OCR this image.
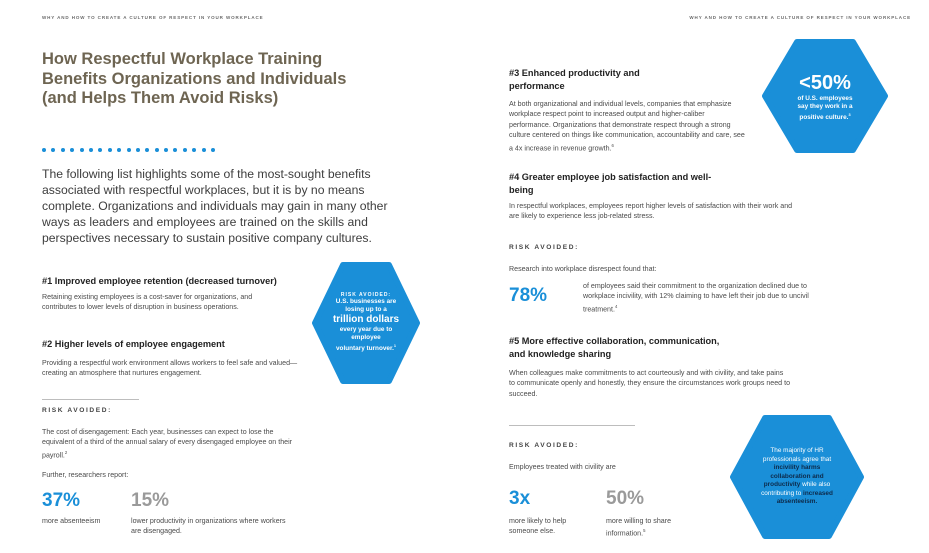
WHY AND HOW TO CREATE A CULTURE OF RESPECT IN YOUR WORKPLACE
How Respectful Workplace Training Benefits Organizations and Individuals (and Helps Them Avoid Risks)

The following list highlights some of the most-sought benefits associated with respectful workplaces, but it is by no means complete. Organizations and individuals may gain in many other ways as leaders and employees are trained on the skills and perspectives necessary to sustain positive company cultures.

#1 Improved employee retention (decreased turnover)

Retaining existing employees is a cost-saver for organizations, and contributes to lower levels of disruption in business operations.

#2 Higher levels of employee engagement

Providing a respectful work environment allows workers to feel safe and valued—creating an atmosphere that nurtures engagement.

RISK AVOIDED:
U.S. businesses are
losing up to a
trillion dollars
every year due to
employee
voluntary turnover.$^1$
RISK AVOIDED:

The cost of disengagement: Each year, businesses can expect to lose the equivalent of a third of the annual salary of every disengaged employee on their payroll.$^2$

Further, researchers report:

37%

more absenteeism

15%

lower productivity in organizations where workers are disengaged.

WHY AND HOW TO CREATE A CULTURE OF RESPECT IN YOUR WORKPLACE
#3 Enhanced productivity and performance

At both organizational and individual levels, companies that emphasize workplace respect point to increased output and higher-caliber performance. Organizations that demonstrate respect through a strong culture centered on things like communication, accountability and care, see a 4x increase in revenue growth.$^6$

<50%
of U.S. employees
say they work in a
positive culture.$^3$
#4 Greater employee job satisfaction and well-being

In respectful workplaces, employees report higher levels of satisfaction with their work and are likely to experience less job-related stress.

RISK AVOIDED:

Research into workplace disrespect found that:

78%	of employees said their commitment to the organization declined due to workplace incivility, with 12% claiming to have left their job due to uncivil treatment.$^4$

#5 More effective collaboration, communication, and knowledge sharing

When colleagues make commitments to act courteously and with civility, and take pains to communicate openly and honestly, they ensure the circumstances work groups need to succeed.

RISK AVOIDED:

Employees treated with civility are

3x

more likely to help someone else.

50%

more willing to share information.$^5$

The majority of HR professionals agree that incivility harms collaboration and productivity while also contributing to increased absenteeism.
